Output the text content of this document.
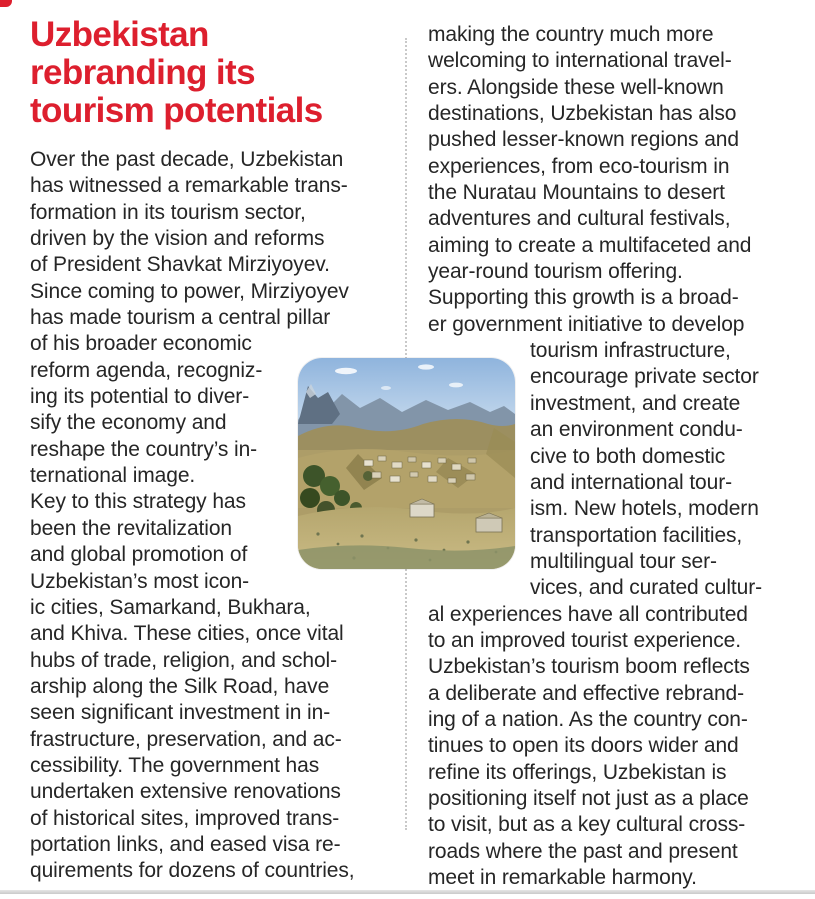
Uzbekistan
rebranding its
tourism potentials
Over the past decade, Uzbekistan
has witnessed a remarkable trans-
formation in its tourism sector,
driven by the vision and reforms
of President Shavkat Mirziyoyev.
Since coming to power, Mirziyoyev
has made tourism a central pillar
of his broader economic
reform agenda, recogniz-
ing its potential to diver-
sify the economy and
reshape the country’s in-
ternational image.
Key to this strategy has
been the revitalization
and global promotion of
Uzbekistan’s most icon-
ic cities, Samarkand, Bukhara,
and Khiva. These cities, once vital
hubs of trade, religion, and schol-
arship along the Silk Road, have
seen significant investment in in-
frastructure, preservation, and ac-
cessibility. The government has
undertaken extensive renovations
of historical sites, improved trans-
portation links, and eased visa re-
quirements for dozens of countries,
making the country much more
welcoming to international travel-
ers. Alongside these well-known
destinations, Uzbekistan has also
pushed lesser-known regions and
experiences, from eco-tourism in
the Nuratau Mountains to desert
adventures and cultural festivals,
aiming to create a multifaceted and
year-round tourism offering.
Supporting this growth is a broad-
er government initiative to develop
tourism infrastructure,
encourage private sector
investment, and create
an environment condu-
cive to both domestic
and international tour-
ism. New hotels, modern
transportation facilities,
multilingual tour ser-
vices, and curated cultur-
al experiences have all contributed
to an improved tourist experience.
Uzbekistan’s tourism boom reflects
a deliberate and effective rebrand-
ing of a nation. As the country con-
tinues to open its doors wider and
refine its offerings, Uzbekistan is
positioning itself not just as a place
to visit, but as a key cultural cross-
roads where the past and present
meet in remarkable harmony.
